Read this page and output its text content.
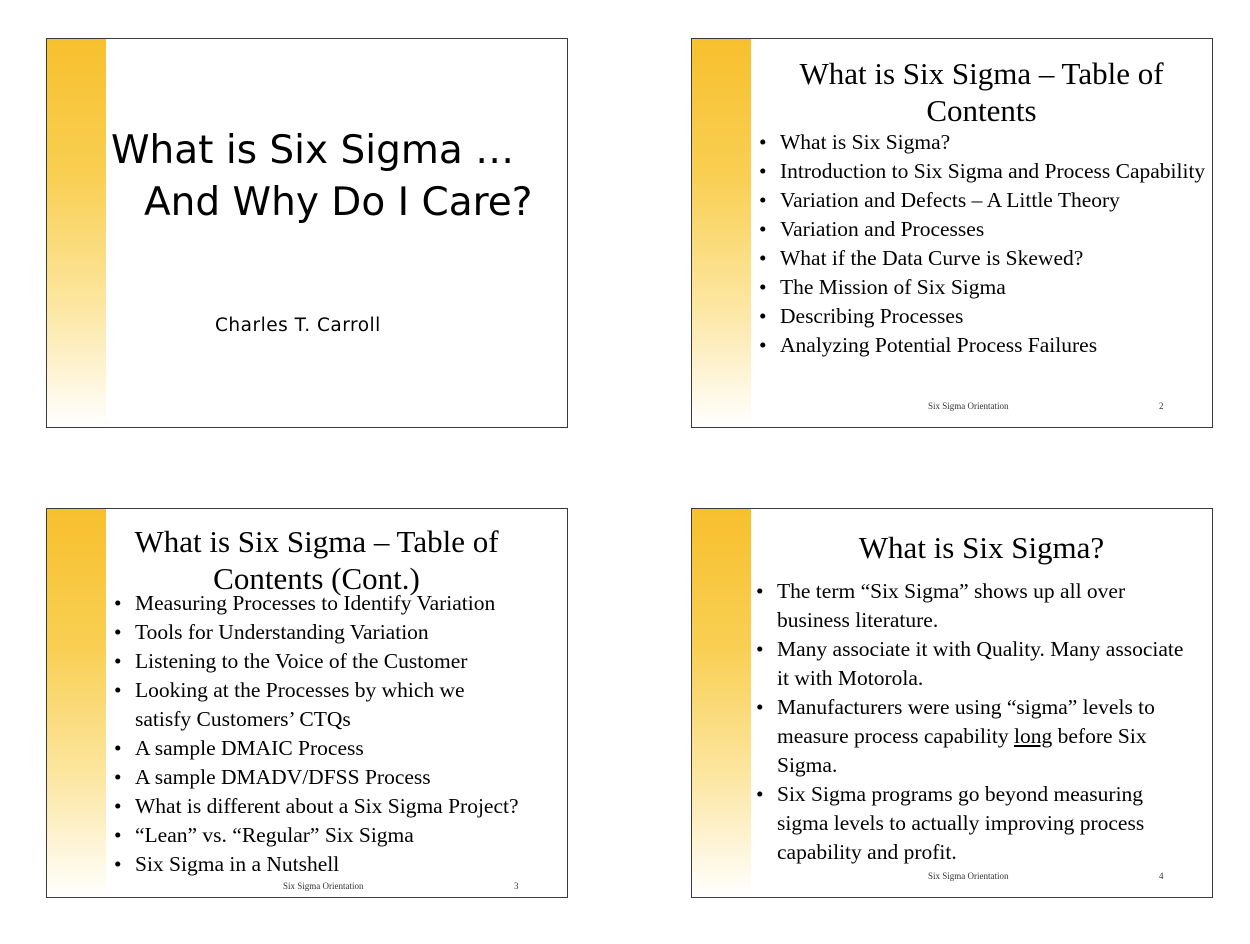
What is Six Sigma …
And Why Do I Care?
Charles T. Carroll
What is Six Sigma – Table of Contents
• What is Six Sigma?
• Introduction to Six Sigma and Process Capability
• Variation and Defects – A Little Theory
• Variation and Processes
• What if the Data Curve is Skewed?
• The Mission of Six Sigma
• Describing Processes
• Analyzing Potential Process Failures
Six Sigma Orientation	2
What is Six Sigma – Table of Contents (Cont.)
• Measuring Processes to Identify Variation
• Tools for Understanding Variation
• Listening to the Voice of the Customer
• Looking at the Processes by which we satisfy Customers’ CTQs
• A sample DMAIC Process
• A sample DMADV/DFSS Process
• What is different about a Six Sigma Project?
• “Lean” vs. “Regular” Six Sigma
• Six Sigma in a Nutshell
Six Sigma Orientation	3
What is Six Sigma?
• The term “Six Sigma” shows up all over business literature.
• Many associate it with Quality. Many associate it with Motorola.
• Manufacturers were using “sigma” levels to measure process capability long before Six Sigma.
• Six Sigma programs go beyond measuring sigma levels to actually improving process capability and profit.
Six Sigma Orientation	4
